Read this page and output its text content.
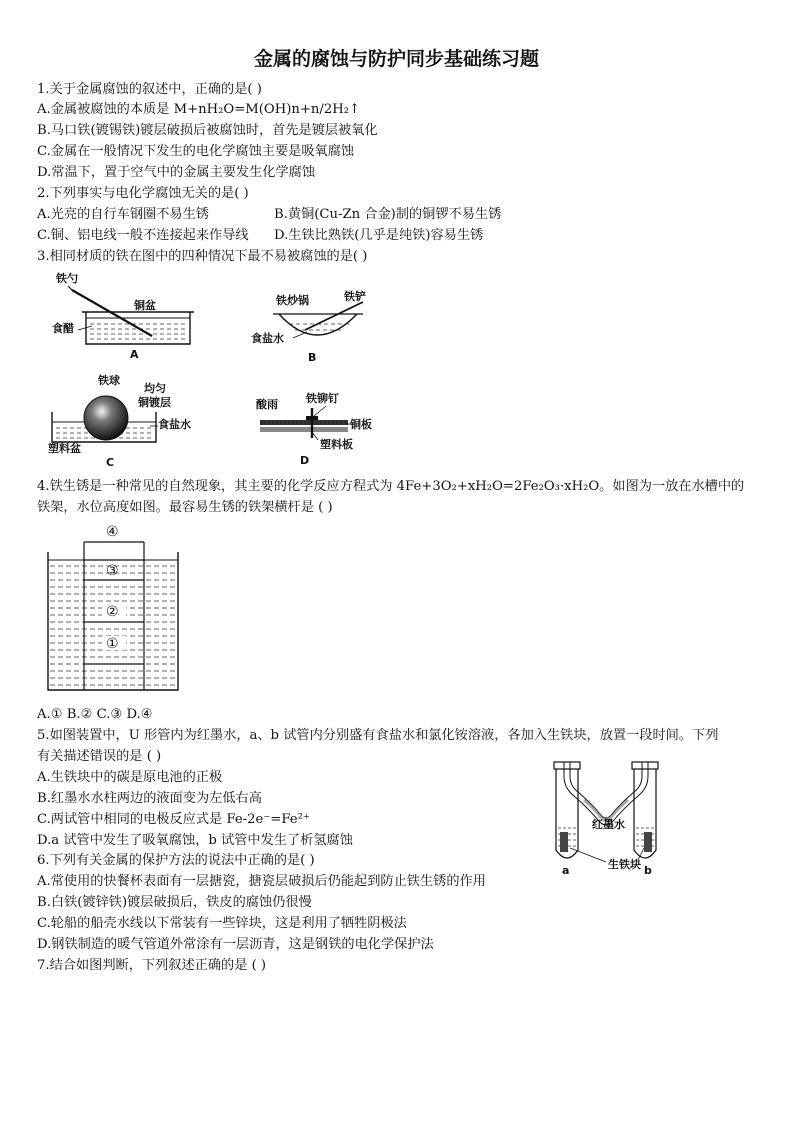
金属的腐蚀与防护同步基础练习题
1.关于金属腐蚀的叙述中，正确的是( )
A.金属被腐蚀的本质是 M+nH₂O=M(OH)n+n/2H₂↑
B.马口铁(镀锡铁)镀层破损后被腐蚀时，首先是镀层被氧化
C.金属在一般情况下发生的电化学腐蚀主要是吸氧腐蚀
D.常温下，置于空气中的金属主要发生化学腐蚀
2.下列事实与电化学腐蚀无关的是( )
A.光亮的自行车钢圈不易生锈	B.黄铜(Cu-Zn 合金)制的铜锣不易生锈
C.铜、铝电线一般不连接起来作导线 D.生铁比熟铁(几乎是纯铁)容易生锈
3.相同材质的铁在图中的四种情况下最不易被腐蚀的是( )
铁勺
铜盆
食醋
A
铁炒锅	铁铲
食盐水
B
铁球
均匀
铜镀层
食盐水
塑料盆
C
酸雨	铁铆钉
铜板
塑料板
D
4.铁生锈是一种常见的自然现象，其主要的化学反应方程式为 4Fe+3O₂+xH₂O=2Fe₂O₃·xH₂O。如图为一放在水槽中的
铁架，水位高度如图。最容易生锈的铁架横杆是 ( )
④
③
②
①
A.① B.② C.③ D.④
5.如图装置中，U 形管内为红墨水，a、b 试管内分别盛有食盐水和氯化铵溶液，各加入生铁块，放置一段时间。下列
有关描述错误的是 ( )
A.生铁块中的碳是原电池的正极
B.红墨水水柱两边的液面变为左低右高
C.两试管中相同的电极反应式是 Fe-2e⁻=Fe²⁺
D.a 试管中发生了吸氧腐蚀，b 试管中发生了析氢腐蚀
红墨水
生铁块
a	b
6.下列有关金属的保护方法的说法中正确的是( )
A.常使用的快餐杯表面有一层搪瓷，搪瓷层破损后仍能起到防止铁生锈的作用
B.白铁(镀锌铁)镀层破损后，铁皮的腐蚀仍很慢
C.轮船的船壳水线以下常装有一些锌块，这是利用了牺牲阴极法
D.钢铁制造的暖气管道外常涂有一层沥青，这是钢铁的电化学保护法
7.结合如图判断，下列叙述正确的是 ( )
